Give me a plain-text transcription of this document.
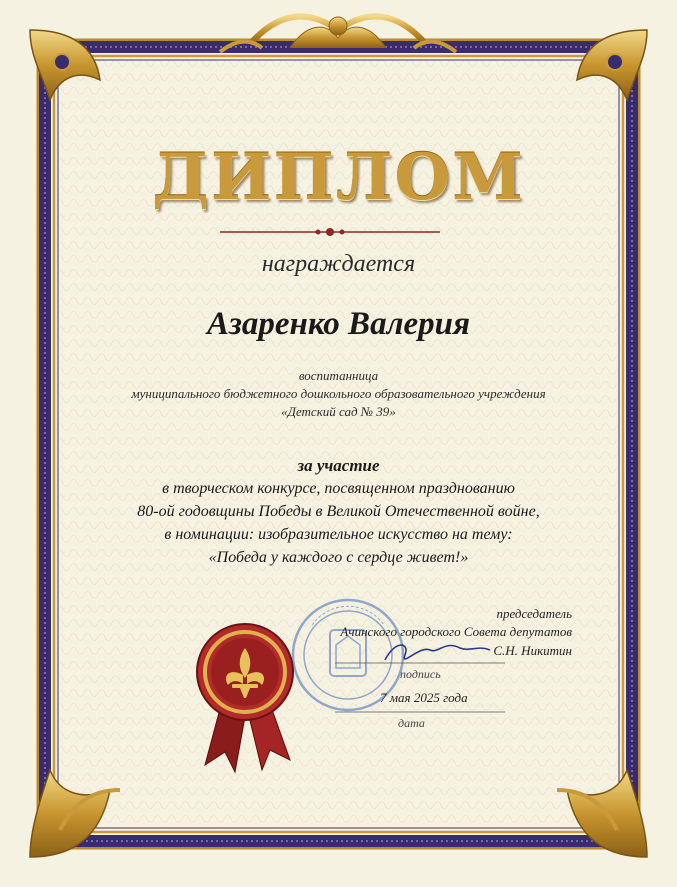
ДИПЛОМ
награждается
Азаренко Валерия
воспитанница
муниципального бюджетного дошкольного образовательного учреждения
«Детский сад № 39»
за участие
в творческом конкурсе, посвященном празднованию
80-ой годовщины Победы в Великой Отечественной войне,
в номинации: изобразительное искусство на тему:
«Победа у каждого с сердце живет!»
председатель
Ачинского городского Совета депутатов
С.Н. Никитин
подпись
7 мая 2025 года
дата
